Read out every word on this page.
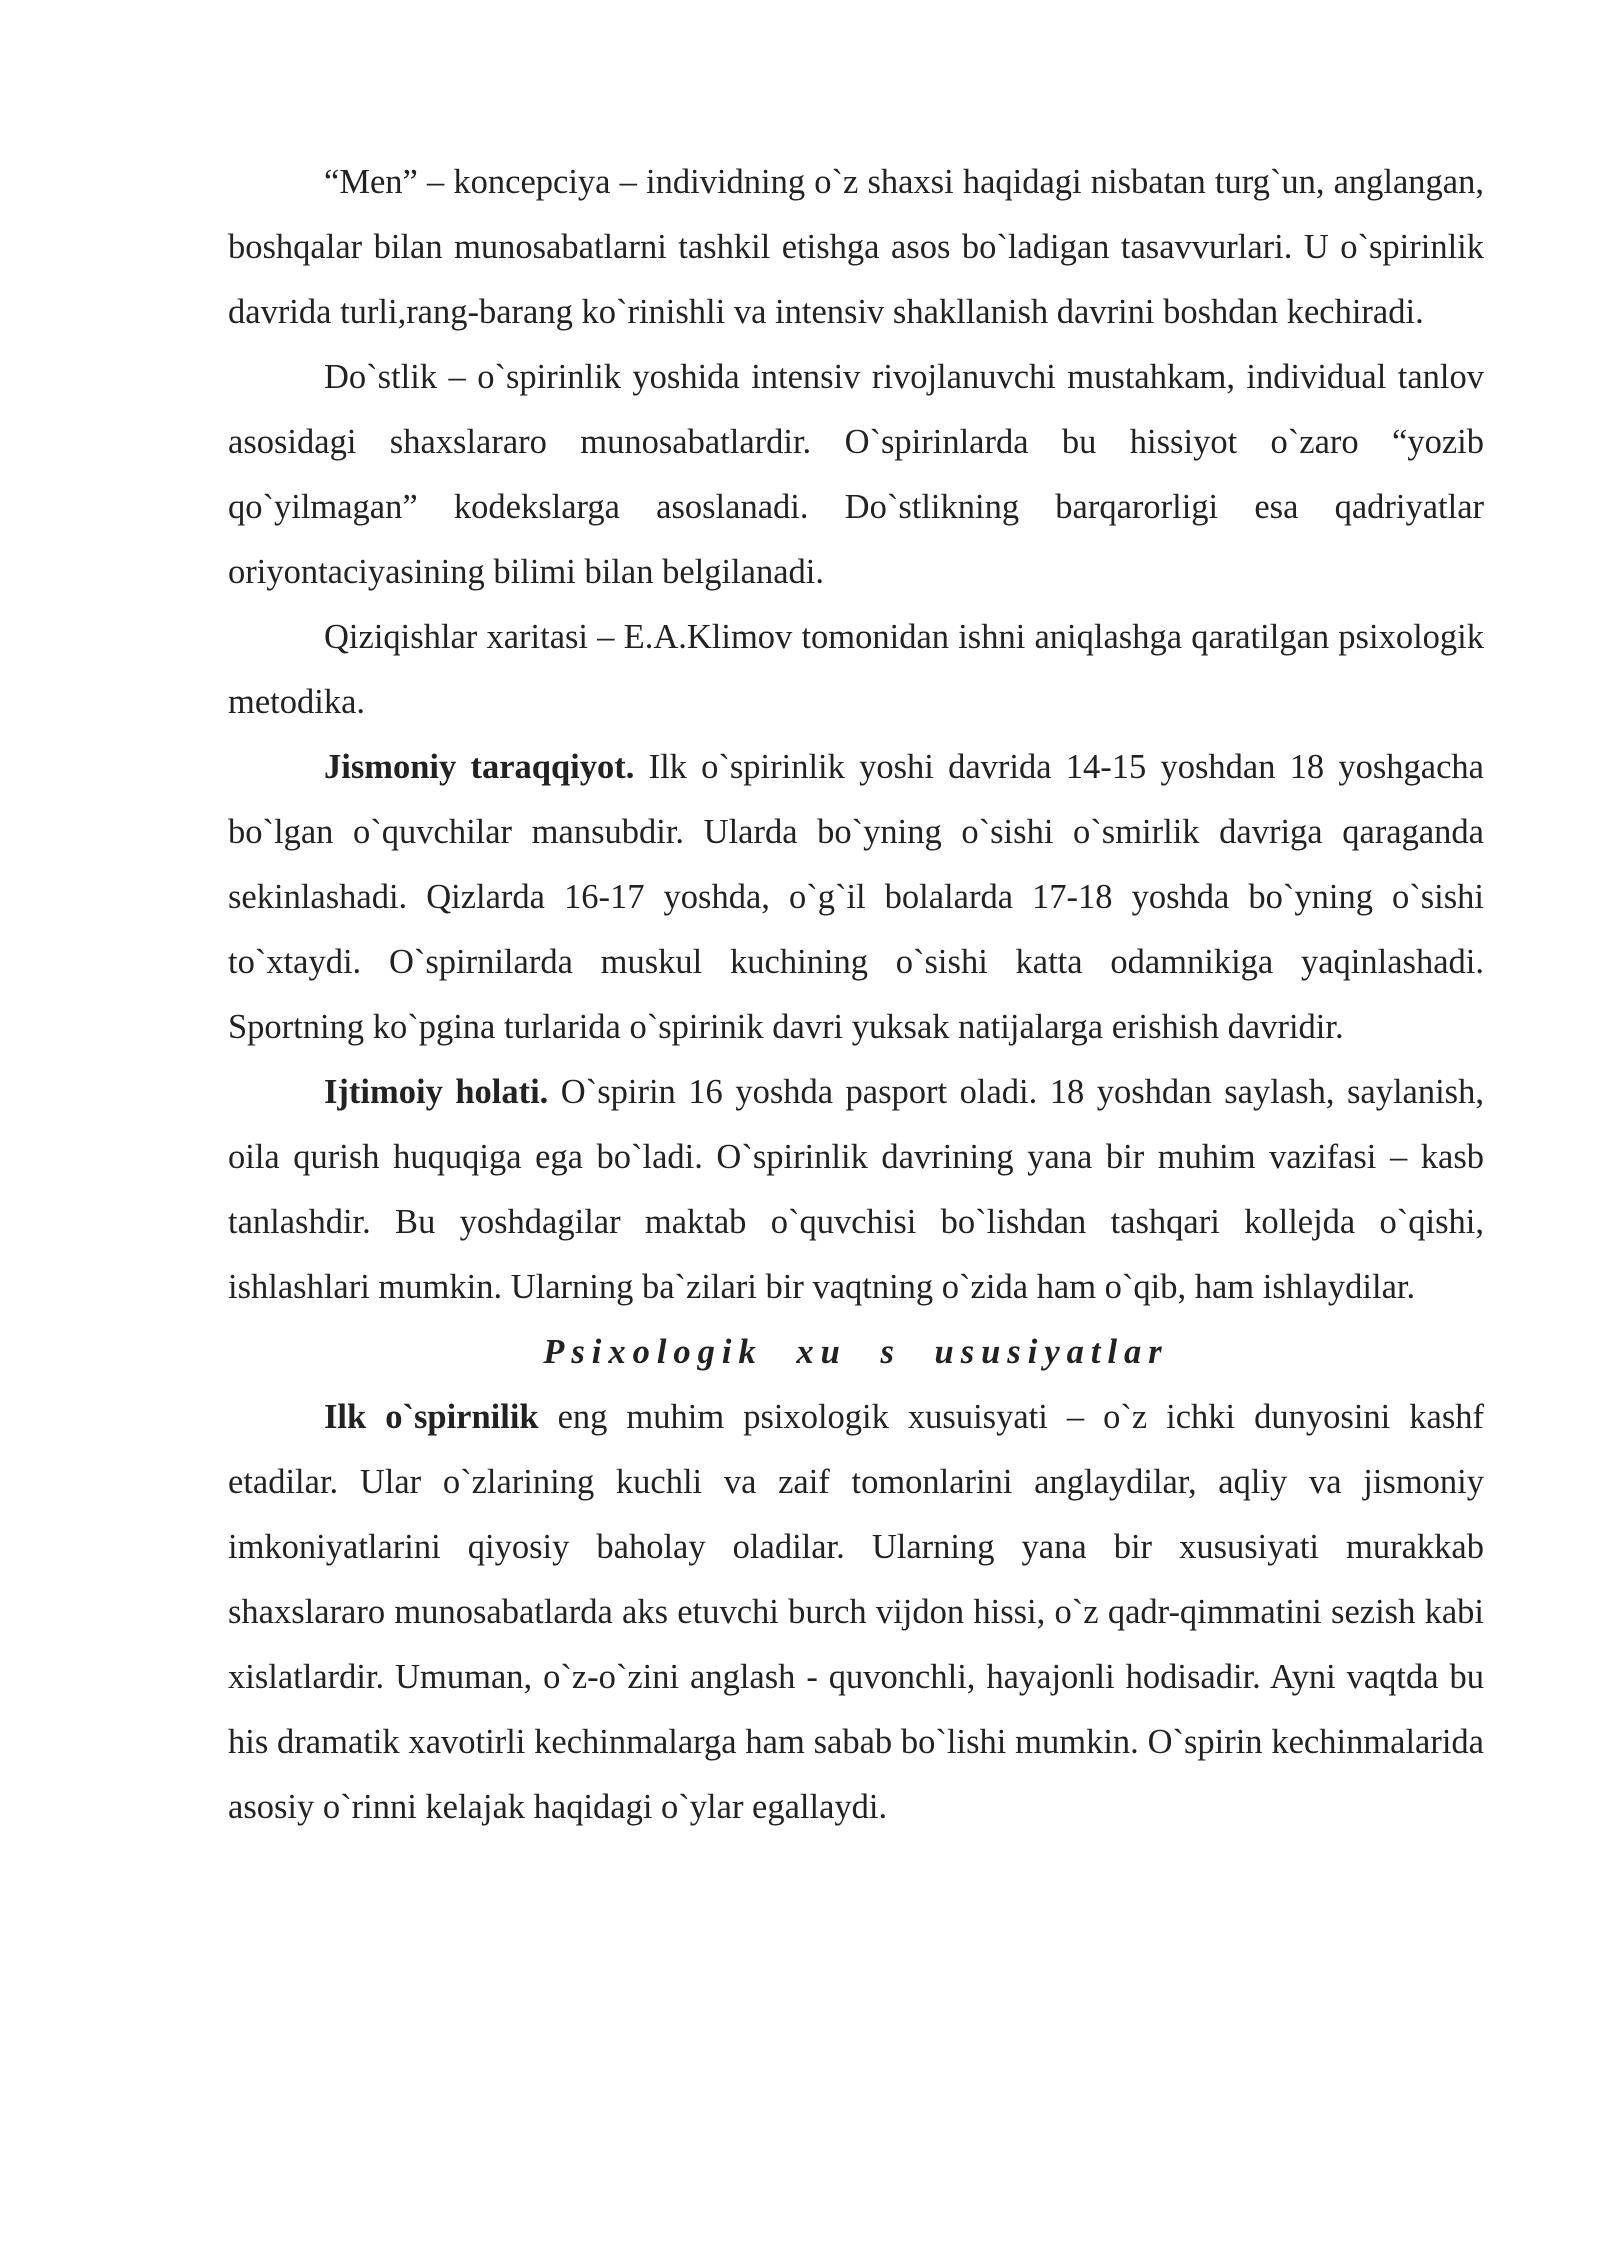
“Men” – koncepciya – individning o`z shaxsi haqidagi nisbatan turg`un, anglangan, boshqalar bilan munosabatlarni tashkil etishga asos bo`ladigan tasavvurlari. U o`spirinlik davrida turli,rang-barang ko`rinishli va intensiv shakllanish davrini boshdan kechiradi.

Do`stlik – o`spirinlik yoshida intensiv rivojlanuvchi mustahkam, individual tanlov asosidagi shaxslararo munosabatlardir. O`spirinlarda bu hissiyot o`zaro “yozib qo`yilmagan” kodekslarga asoslanadi. Do`stlikning barqarorligi esa qadriyatlar oriyontaciyasining bilimi bilan belgilanadi.

Qiziqishlar xaritasi – E.A.Klimov tomonidan ishni aniqlashga qaratilgan psixologik metodika.

Jismoniy taraqqiyot. Ilk o`spirinlik yoshi davrida 14-15 yoshdan 18 yoshgacha bo`lgan o`quvchilar mansubdir. Ularda bo`yning o`sishi o`smirlik davriga qaraganda sekinlashadi. Qizlarda 16-17 yoshda, o`g`il bolalarda 17-18 yoshda bo`yning o`sishi to`xtaydi. O`spirnilarda muskul kuchining o`sishi katta odamnikiga yaqinlashadi. Sportning ko`pgina turlarida o`spirinik davri yuksak natijalarga erishish davridir.

Ijtimoiy holati. O`spirin 16 yoshda pasport oladi. 18 yoshdan saylash, saylanish, oila qurish huquqiga ega bo`ladi. O`spirinlik davrining yana bir muhim vazifasi – kasb tanlashdir. Bu yoshdagilar maktab o`quvchisi bo`lishdan tashqari kollejda o`qishi, ishlashlari mumkin. Ularning ba`zilari bir vaqtning o`zida ham o`qib, ham ishlaydilar.

Psixologik xu s ususiyatlar

Ilk o`spirnilik eng muhim psixologik xusuisyati – o`z ichki dunyosini kashf etadilar. Ular o`zlarining kuchli va zaif tomonlarini anglaydilar, aqliy va jismoniy imkoniyatlarini qiyosiy baholay oladilar. Ularning yana bir xususiyati murakkab shaxslararo munosabatlarda aks etuvchi burch vijdon hissi, o`z qadr-qimmatini sezish kabi xislatlardir. Umuman, o`z-o`zini anglash - quvonchli, hayajonli hodisadir. Ayni vaqtda bu his dramatik xavotirli kechinmalarga ham sabab bo`lishi mumkin. O`spirin kechinmalarida asosiy o`rinni kelajak haqidagi o`ylar egallaydi.
